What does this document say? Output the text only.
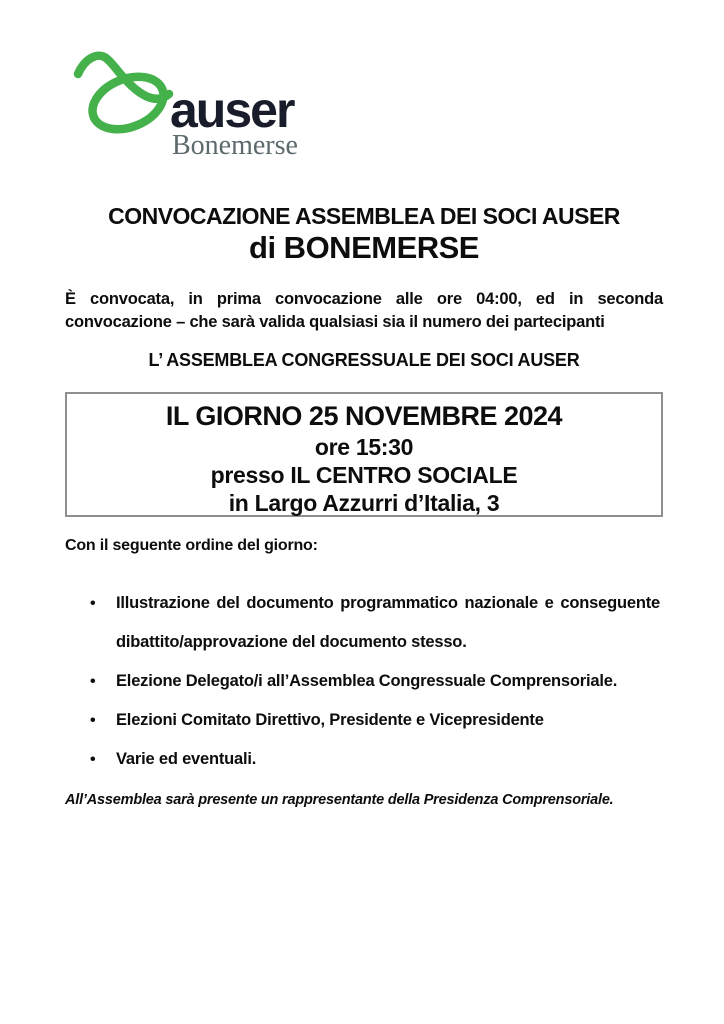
auser
Bonemerse
CONVOCAZIONE ASSEMBLEA DEI SOCI AUSER
di BONEMERSE

È convocata, in prima convocazione alle ore 04:00, ed in seconda convocazione – che sarà valida qualsiasi sia il numero dei partecipanti

L’ ASSEMBLEA CONGRESSUALE DEI SOCI AUSER
IL GIORNO 25 NOVEMBRE 2024
ore 15:30
presso IL CENTRO SOCIALE
in Largo Azzurri d’Italia, 3
Con il seguente ordine del giorno:
•	Illustrazione del documento programmatico nazionale e conseguente dibattito/approvazione del documento stesso.
•	Elezione Delegato/i all’Assemblea Congressuale Comprensoriale.
•	Elezioni Comitato Direttivo, Presidente e Vicepresidente
•	Varie ed eventuali.

All’Assemblea sarà presente un rappresentante della Presidenza Comprensoriale.
